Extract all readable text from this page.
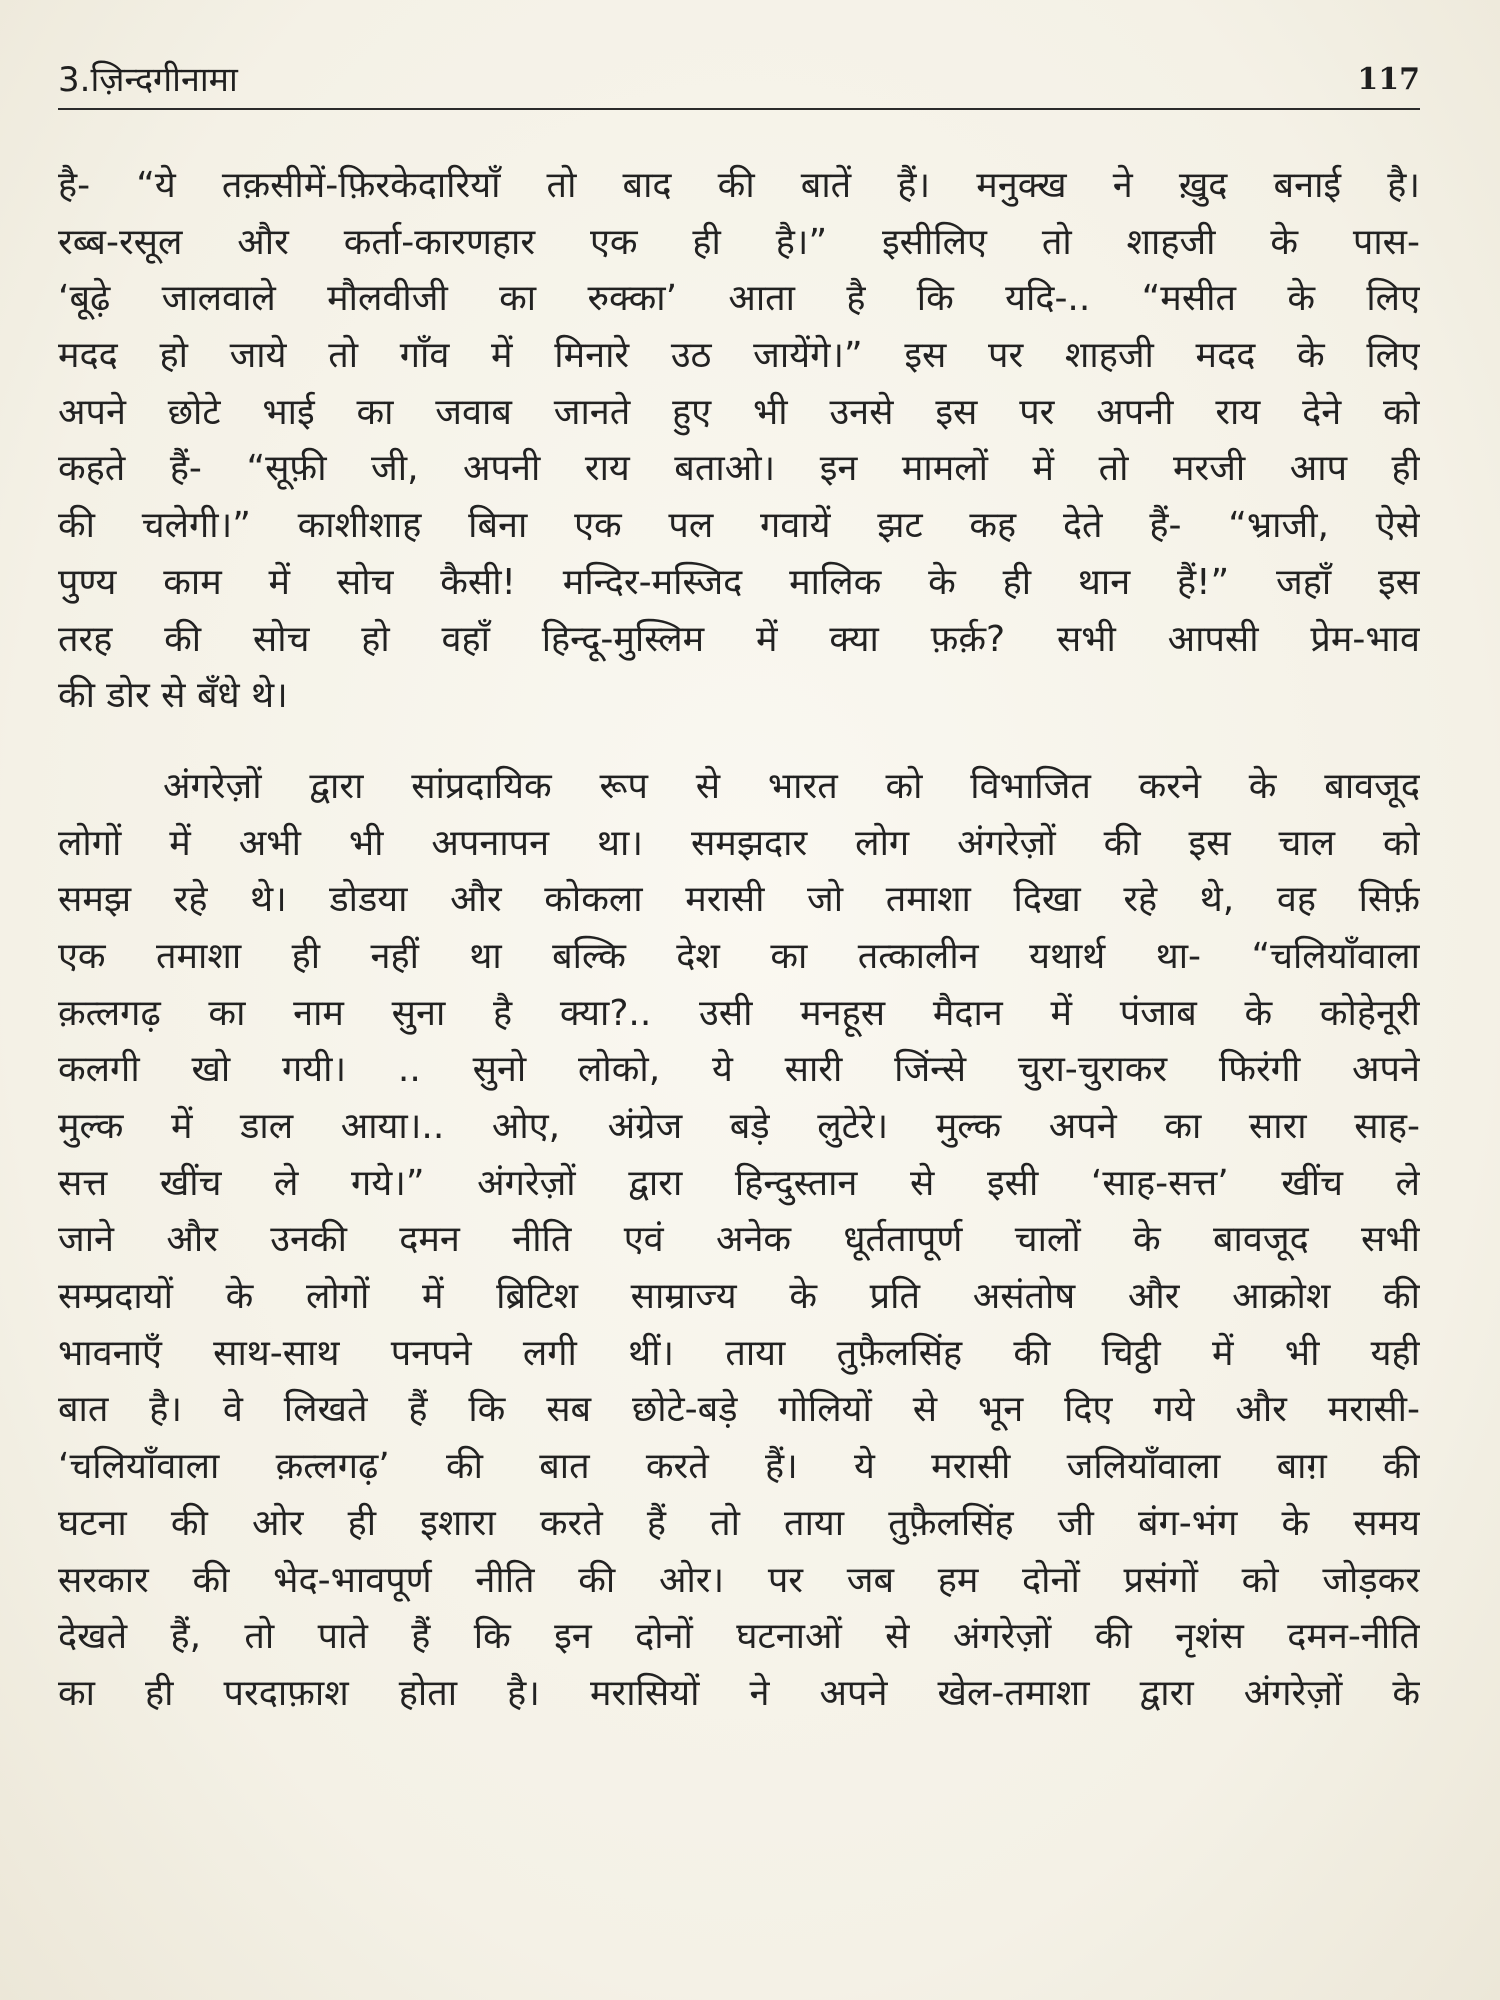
3.ज़िन्दगीनामा	117
है- “ये तक़सीमें-फ़िरकेदारियाँ तो बाद की बातें हैं। मनुक्ख ने ख़ुद बनाई है।
रब्ब-रसूल और कर्ता-कारणहार एक ही है।” इसीलिए तो शाहजी के पास-
‘बूढ़े जालवाले मौलवीजी का रुक्का’ आता है कि यदि-.. “मसीत के लिए
मदद हो जाये तो गाँव में मिनारे उठ जायेंगे।” इस पर शाहजी मदद के लिए
अपने छोटे भाई का जवाब जानते हुए भी उनसे इस पर अपनी राय देने को
कहते हैं- “सूफ़ी जी, अपनी राय बताओ। इन मामलों में तो मरजी आप ही
की चलेगी।” काशीशाह बिना एक पल गवायें झट कह देते हैं- “भ्राजी, ऐसे
पुण्य काम में सोच कैसी! मन्दिर-मस्जिद मालिक के ही थान हैं!” जहाँ इस
तरह की सोच हो वहाँ हिन्दू-मुस्लिम में क्या फ़र्क़? सभी आपसी प्रेम-भाव
की डोर से बँधे थे।
अंगरेज़ों द्वारा सांप्रदायिक रूप से भारत को विभाजित करने के बावजूद
लोगों में अभी भी अपनापन था। समझदार लोग अंगरेज़ों की इस चाल को
समझ रहे थे। डोडया और कोकला मरासी जो तमाशा दिखा रहे थे, वह सिर्फ़
एक तमाशा ही नहीं था बल्कि देश का तत्कालीन यथार्थ था- “चलियाँवाला
क़त्लगढ़ का नाम सुना है क्या?.. उसी मनहूस मैदान में पंजाब के कोहेनूरी
कलगी खो गयी। .. सुनो लोको, ये सारी जिंन्से चुरा-चुराकर फिरंगी अपने
मुल्क में डाल आया।.. ओए, अंग्रेज बड़े लुटेरे। मुल्क अपने का सारा साह-
सत्त खींच ले गये।” अंगरेज़ों द्वारा हिन्दुस्तान से इसी ‘साह-सत्त’ खींच ले
जाने और उनकी दमन नीति एवं अनेक धूर्ततापूर्ण चालों के बावजूद सभी
सम्प्रदायों के लोगों में ब्रिटिश साम्राज्य के प्रति असंतोष और आक्रोश की
भावनाएँ साथ-साथ पनपने लगी थीं। ताया तुफ़ैलसिंह की चिट्ठी में भी यही
बात है। वे लिखते हैं कि सब छोटे-बड़े गोलियों से भून दिए गये और मरासी-
‘चलियाँवाला क़त्लगढ़’ की बात करते हैं। ये मरासी जलियाँवाला बाग़ की
घटना की ओर ही इशारा करते हैं तो ताया तुफ़ैलसिंह जी बंग-भंग के समय
सरकार की भेद-भावपूर्ण नीति की ओर। पर जब हम दोनों प्रसंगों को जोड़कर
देखते हैं, तो पाते हैं कि इन दोनों घटनाओं से अंगरेज़ों की नृशंस दमन-नीति
का ही परदाफ़ाश होता है। मरासियों ने अपने खेल-तमाशा द्वारा अंगरेज़ों के
